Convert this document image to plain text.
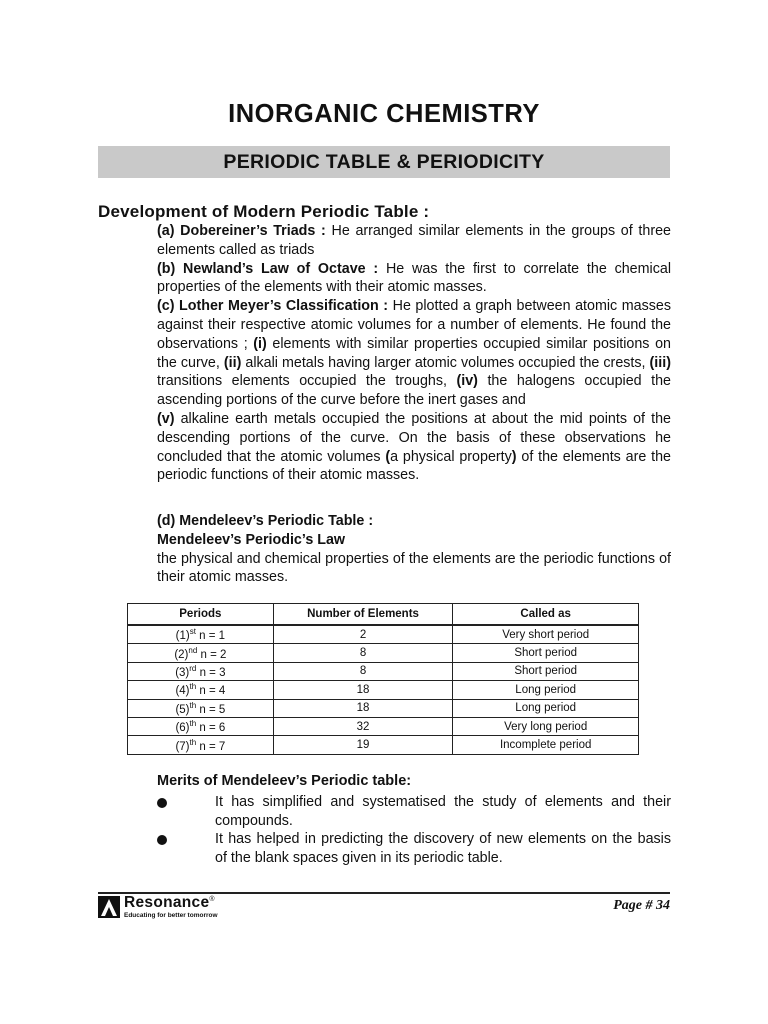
INORGANIC CHEMISTRY
PERIODIC TABLE & PERIODICITY
Development of Modern Periodic Table :

(a) Dobereiner’s Triads : He arranged similar elements in the groups of three elements called as triads

(b) Newland’s Law of Octave : He was the first to correlate the chemical properties of the elements with their atomic masses.

(c) Lother Meyer’s Classification : He plotted a graph between atomic masses against their respective atomic volumes for a number of elements. He found the observations ; (i) elements with similar properties occupied similar positions on the curve, (ii) alkali metals having larger atomic volumes occupied the crests, (iii) transitions elements occupied the troughs, (iv) the halogens occupied the ascending portions of the curve before the inert gases and

(v) alkaline earth metals occupied the positions at about the mid points of the descending portions of the curve. On the basis of these observations he concluded that the atomic volumes (a physical property) of the elements are the periodic functions of their atomic masses.

(d) Mendeleev’s Periodic Table :

Mendeleev’s Periodic’s Law

the physical and chemical properties of the elements are the periodic functions of their atomic masses.

Periods	Number of Elements	Called as
$(1)^{st}$ n = 1	2	Very short period
$(2)^{nd}$ n = 2	8	Short period
$(3)^{rd}$ n = 3	8	Short period
$(4)^{th}$ n = 4	18	Long period
$(5)^{th}$ n = 5	18	Long period
$(6)^{th}$ n = 6	32	Very long period
$(7)^{th}$ n = 7	19	Incomplete period
Merits of Mendeleev’s Periodic table:
It has simplified and systematised the study of elements and their compounds.
It has helped in predicting the discovery of new elements on the basis of the blank spaces given in its periodic table.
Resonance®
Educating for better tomorrow
Page # 34
